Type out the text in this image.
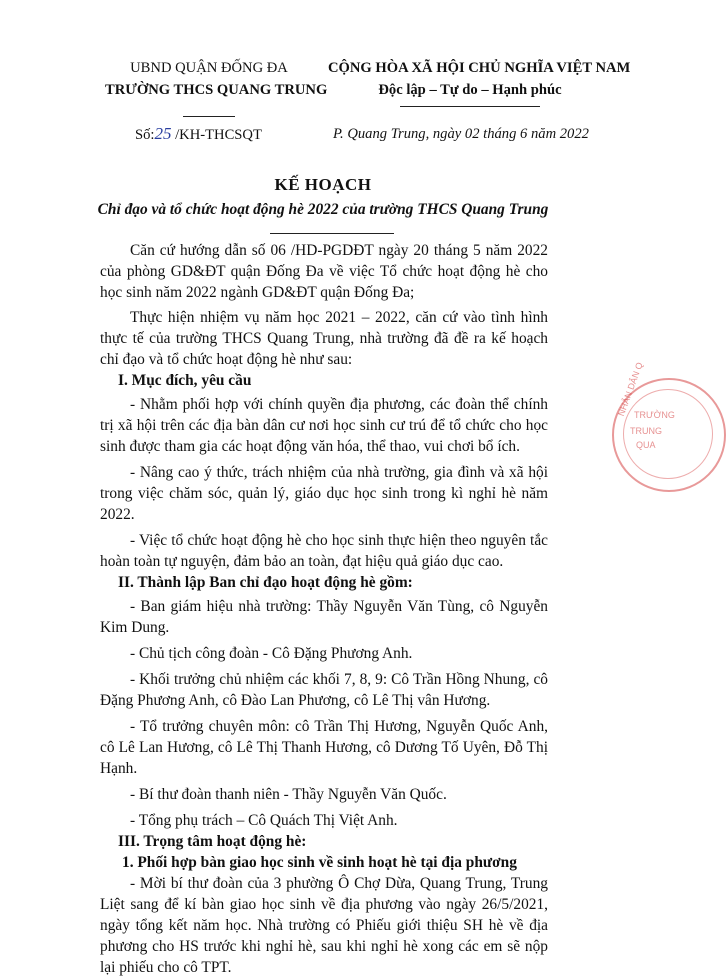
UBND QUẬN ĐỐNG ĐA
TRƯỜNG THCS QUANG TRUNG
CỘNG HÒA XÃ HỘI CHỦ NGHĨA VIỆT NAM
Độc lập – Tự do – Hạnh phúc
Số:25 /KH-THCSQT	P. Quang Trung, ngày 02 tháng 6 năm 2022
KẾ HOẠCH
Chỉ đạo và tổ chức hoạt động hè 2022 của trường THCS Quang Trung

Căn cứ hướng dẫn số 06 /HD-PGDĐT ngày 20 tháng 5 năm 2022 của phòng GD&ĐT quận Đống Đa về việc Tổ chức hoạt động hè cho học sinh năm 2022 ngành GD&ĐT quận Đống Đa;

Thực hiện nhiệm vụ năm học 2021 – 2022, căn cứ vào tình hình thực tế của trường THCS Quang Trung, nhà trường đã đề ra kế hoạch chỉ đạo và tổ chức hoạt động hè như sau:

I. Mục đích, yêu cầu

- Nhằm phối hợp với chính quyền địa phương, các đoàn thể chính trị xã hội trên các địa bàn dân cư nơi học sinh cư trú để tổ chức cho học sinh được tham gia các hoạt động văn hóa, thể thao, vui chơi bổ ích.

- Nâng cao ý thức, trách nhiệm của nhà trường, gia đình và xã hội trong việc chăm sóc, quản lý, giáo dục học sinh trong kì nghỉ hè năm 2022.

- Việc tổ chức hoạt động hè cho học sinh thực hiện theo nguyên tắc hoàn toàn tự nguyện, đảm bảo an toàn, đạt hiệu quả giáo dục cao.

II. Thành lập Ban chỉ đạo hoạt động hè gồm:

- Ban giám hiệu nhà trường: Thầy Nguyễn Văn Tùng, cô Nguyễn Kim Dung.

- Chủ tịch công đoàn - Cô Đặng Phương Anh.

- Khối trưởng chủ nhiệm các khối 7, 8, 9: Cô Trần Hồng Nhung, cô Đặng Phương Anh, cô Đào Lan Phương, cô Lê Thị vân Hương.

- Tổ trưởng chuyên môn: cô Trần Thị Hương, Nguyễn Quốc Anh, cô Lê Lan Hương, cô Lê Thị Thanh Hương, cô Dương Tố Uyên, Đỗ Thị Hạnh.

- Bí thư đoàn thanh niên - Thầy Nguyễn Văn Quốc.

- Tổng phụ trách – Cô Quách Thị Việt Anh.

III. Trọng tâm hoạt động hè:

1. Phối hợp bàn giao học sinh về sinh hoạt hè tại địa phương

- Mời bí thư đoàn của 3 phường Ô Chợ Dừa, Quang Trung, Trung Liệt sang để kí bàn giao học sinh về địa phương vào ngày 26/5/2021, ngày tổng kết năm học. Nhà trường có Phiếu giới thiệu SH hè về địa phương cho HS trước khi nghỉ hè, sau khi nghỉ hè xong các em sẽ nộp lại phiếu cho cô TPT.

NHÂN DÂN Q
TRƯỜNG
TRUNG
QUA
